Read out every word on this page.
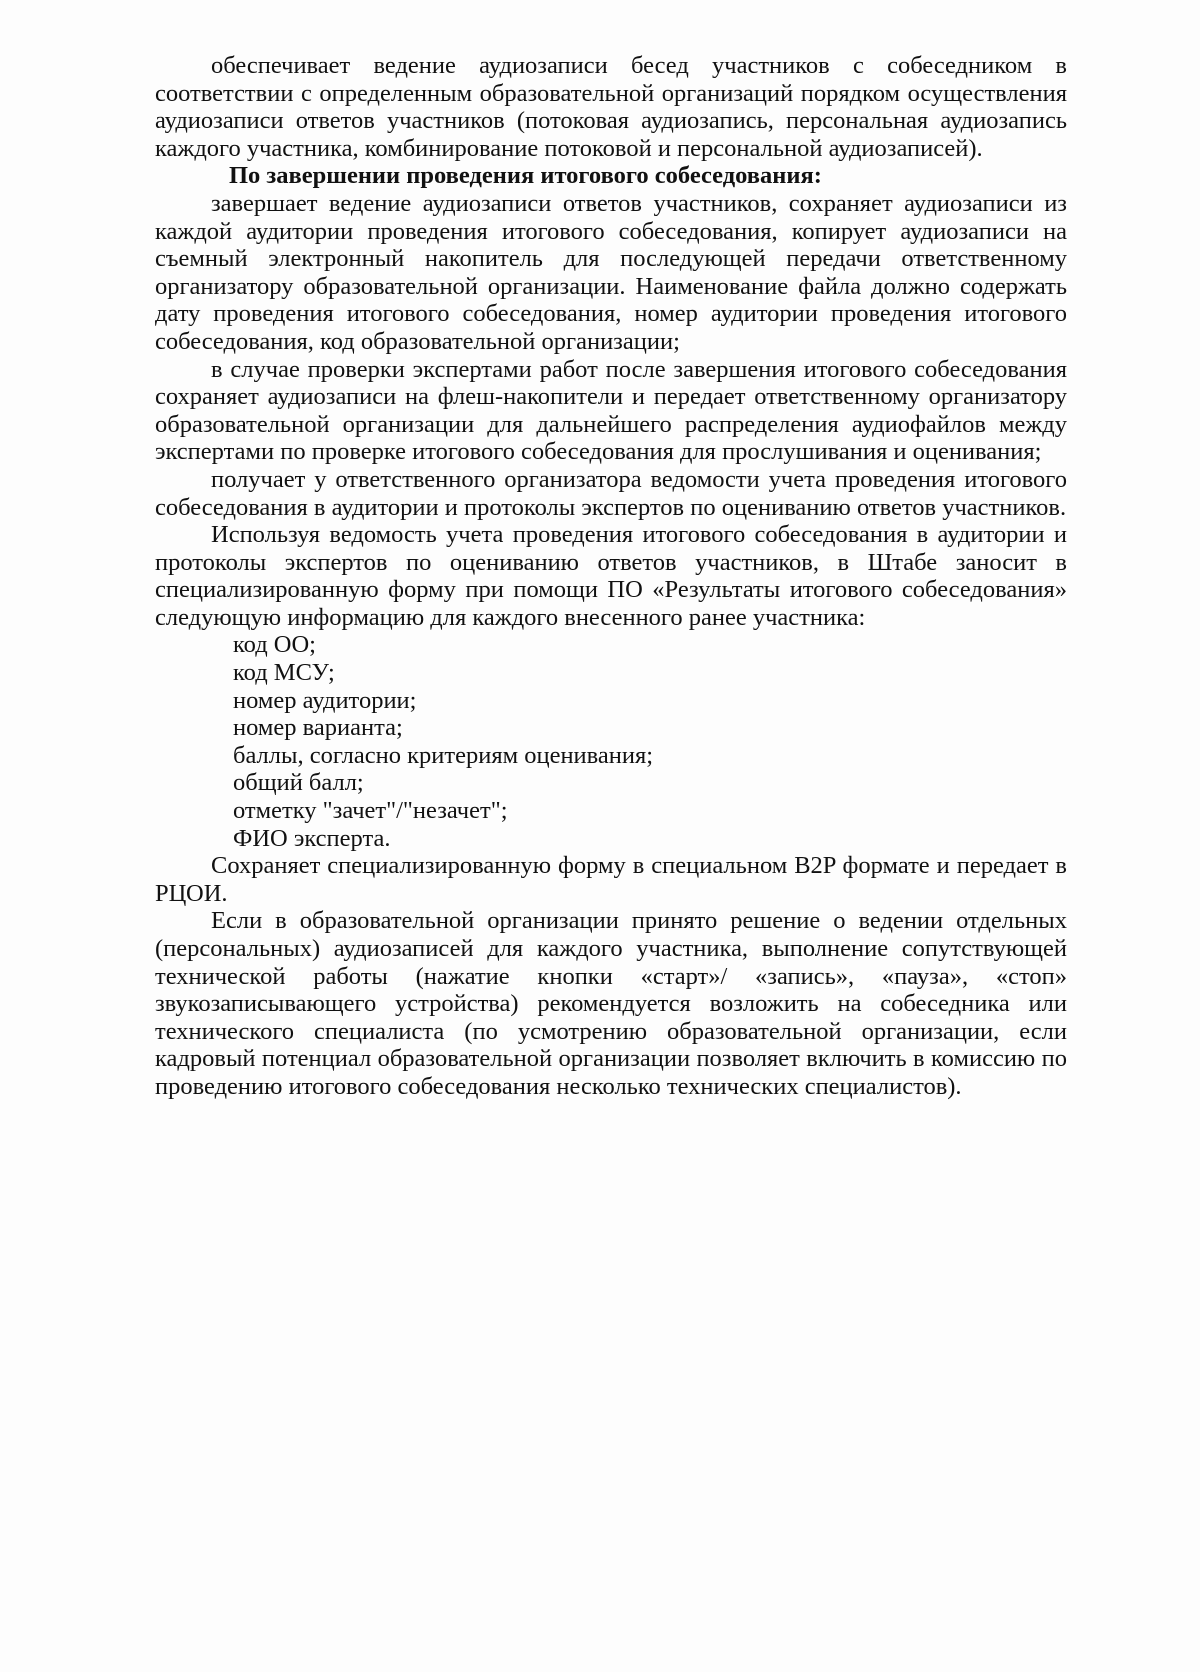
обеспечивает ведение аудиозаписи бесед участников с собеседником в соответствии с определенным образовательной организаций порядком осуществления аудиозаписи ответов участников (потоковая аудиозапись, персональная аудиозапись каждого участника, комбинирование потоковой и персональной аудиозаписей).

По завершении проведения итогового собеседования:

завершает ведение аудиозаписи ответов участников, сохраняет аудиозаписи из каждой аудитории проведения итогового собеседования, копирует аудиозаписи на съемный электронный накопитель для последующей передачи ответственному организатору образовательной организации. Наименование файла должно содержать дату проведения итогового собеседования, номер аудитории проведения итогового собеседования, код образовательной организации;

в случае проверки экспертами работ после завершения итогового собеседования сохраняет аудиозаписи на флеш-накопители и передает ответственному организатору образовательной организации для дальнейшего распределения аудиофайлов между экспертами по проверке итогового собеседования для прослушивания и оценивания;

получает у ответственного организатора ведомости учета проведения итогового собеседования в аудитории и протоколы экспертов по оцениванию ответов участников.

Используя ведомость учета проведения итогового собеседования в аудитории и протоколы экспертов по оцениванию ответов участников, в Штабе заносит в специализированную форму при помощи ПО «Результаты итогового собеседования» следующую информацию для каждого внесенного ранее участника:

код ОО;

код МСУ;

номер аудитории;

номер варианта;

баллы, согласно критериям оценивания;

общий балл;

отметку "зачет"/"незачет";

ФИО эксперта.

Сохраняет специализированную форму в специальном B2P формате и передает в РЦОИ.

Если в образовательной организации принято решение о ведении отдельных (персональных) аудиозаписей для каждого участника, выполнение сопутствующей технической работы (нажатие кнопки «старт»/ «запись», «пауза», «стоп» звукозаписывающего устройства) рекомендуется возложить на собеседника или технического специалиста (по усмотрению образовательной организации, если кадровый потенциал образовательной организации позволяет включить в комиссию по проведению итогового собеседования несколько технических специалистов).
